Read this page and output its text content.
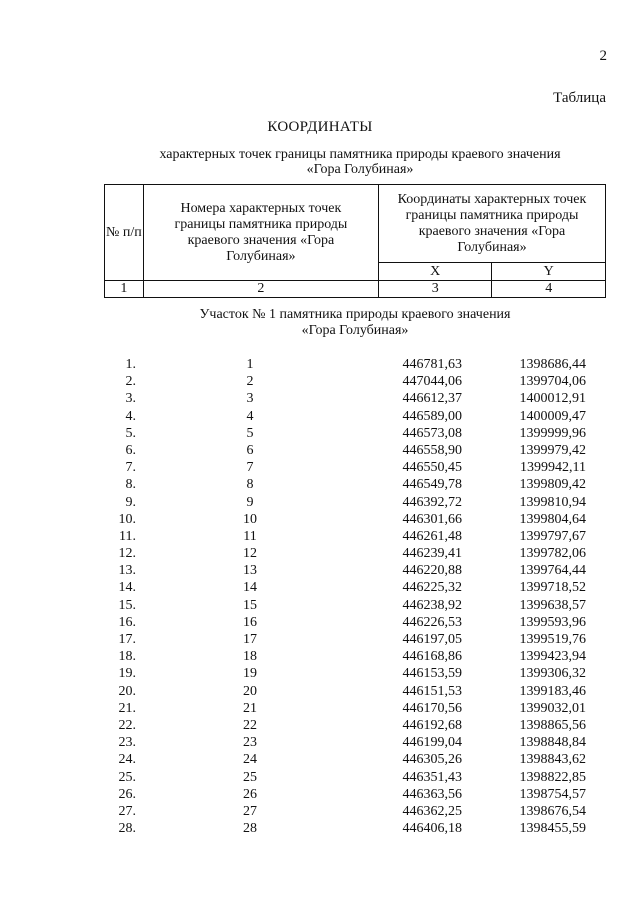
2
Таблица
КООРДИНАТЫ
характерных точек границы памятника природы краевого значения
«Гора Голубиная»
№ п/п	Номера характерных точек границы памятника природы краевого значения «Гора Голубиная»	Координаты характерных точек границы памятника природы краевого значения «Гора Голубиная»	
		X	Y
1	2	3	4
Участок № 1 памятника природы краевого значения
«Гора Голубиная»
1.	1	446781,63	1398686,44
2.	2	447044,06	1399704,06
3.	3	446612,37	1400012,91
4.	4	446589,00	1400009,47
5.	5	446573,08	1399999,96
6.	6	446558,90	1399979,42
7.	7	446550,45	1399942,11
8.	8	446549,78	1399809,42
9.	9	446392,72	1399810,94
10.	10	446301,66	1399804,64
11.	11	446261,48	1399797,67
12.	12	446239,41	1399782,06
13.	13	446220,88	1399764,44
14.	14	446225,32	1399718,52
15.	15	446238,92	1399638,57
16.	16	446226,53	1399593,96
17.	17	446197,05	1399519,76
18.	18	446168,86	1399423,94
19.	19	446153,59	1399306,32
20.	20	446151,53	1399183,46
21.	21	446170,56	1399032,01
22.	22	446192,68	1398865,56
23.	23	446199,04	1398848,84
24.	24	446305,26	1398843,62
25.	25	446351,43	1398822,85
26.	26	446363,56	1398754,57
27.	27	446362,25	1398676,54
28.	28	446406,18	1398455,59
